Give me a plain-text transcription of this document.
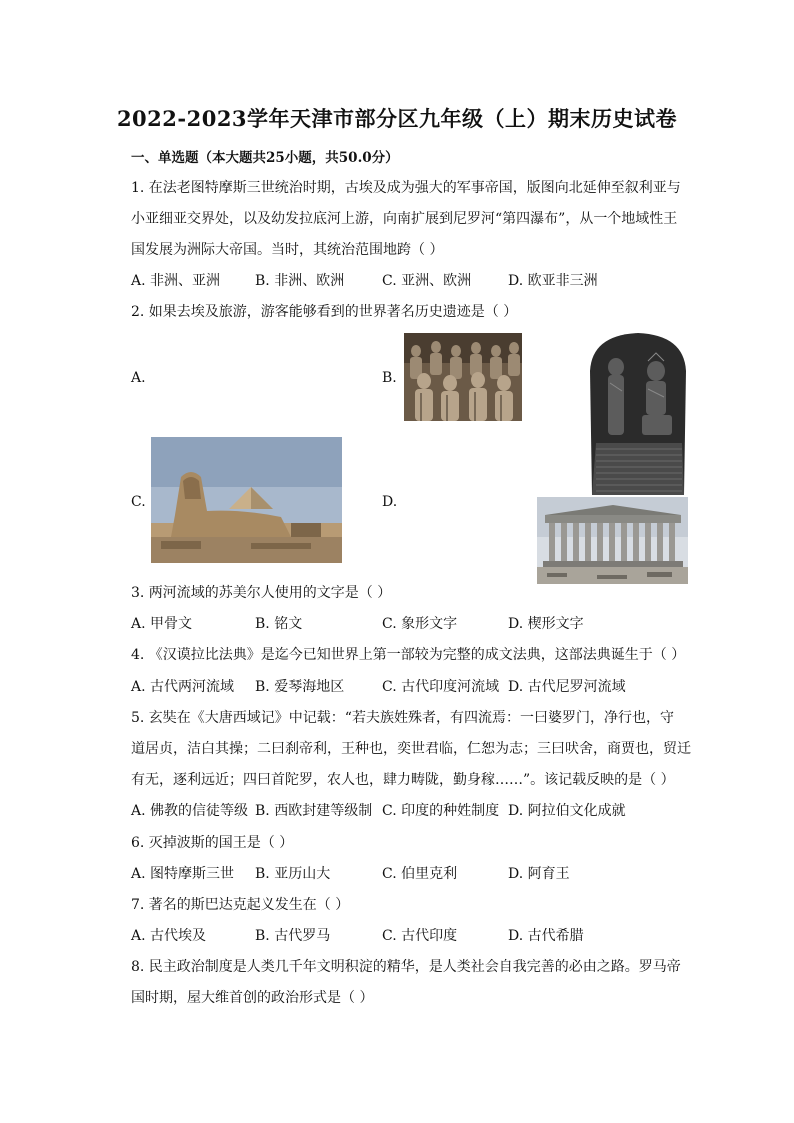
2022-2023学年天津市部分区九年级（上）期末历史试卷
一、单选题（本大题共25小题，共50.0分）
1. 在法老图特摩斯三世统治时期，古埃及成为强大的军事帝国，版图向北延伸至叙利亚与
小亚细亚交界处，以及幼发拉底河上游，向南扩展到尼罗河“第四瀑布”，从一个地域性王
国发展为洲际大帝国。当时，其统治范围地跨（ ）
A. 非洲、亚洲 B. 非洲、欧洲	C. 亚洲、欧洲	D. 欧亚非三洲
2. 如果去埃及旅游，游客能够看到的世界著名历史遗迹是（ ）
A.	B.
C.	D.
3. 两河流域的苏美尔人使用的文字是（ ）
A. 甲骨文	B. 铭文	C. 象形文字	D. 楔形文字
4. 《汉谟拉比法典》是迄今已知世界上第一部较为完整的成文法典，这部法典诞生于（ ）
A. 古代两河流域 B. 爱琴海地区	C. 古代印度河流域 D. 古代尼罗河流域
5. 玄奘在《大唐西域记》中记载：“若夫族姓殊者，有四流焉：一曰婆罗门，净行也，守
道居贞，洁白其操；二曰刹帝利，王种也，奕世君临，仁恕为志；三曰吠舍，商贾也，贸迁
有无，逐利远近；四曰首陀罗，农人也，肆力畴陇，勤身稼……”。该记载反映的是（ ）
A. 佛教的信徒等级 B. 西欧封建等级制 C. 印度的种姓制度 D. 阿拉伯文化成就
6. 灭掉波斯的国王是（ ）
A. 图特摩斯三世 B. 亚历山大	C. 伯里克利	D. 阿育王
7. 著名的斯巴达克起义发生在（ ）
A. 古代埃及	B. 古代罗马	C. 古代印度	D. 古代希腊
8. 民主政治制度是人类几千年文明积淀的精华，是人类社会自我完善的必由之路。罗马帝
国时期，屋大维首创的政治形式是（ ）
